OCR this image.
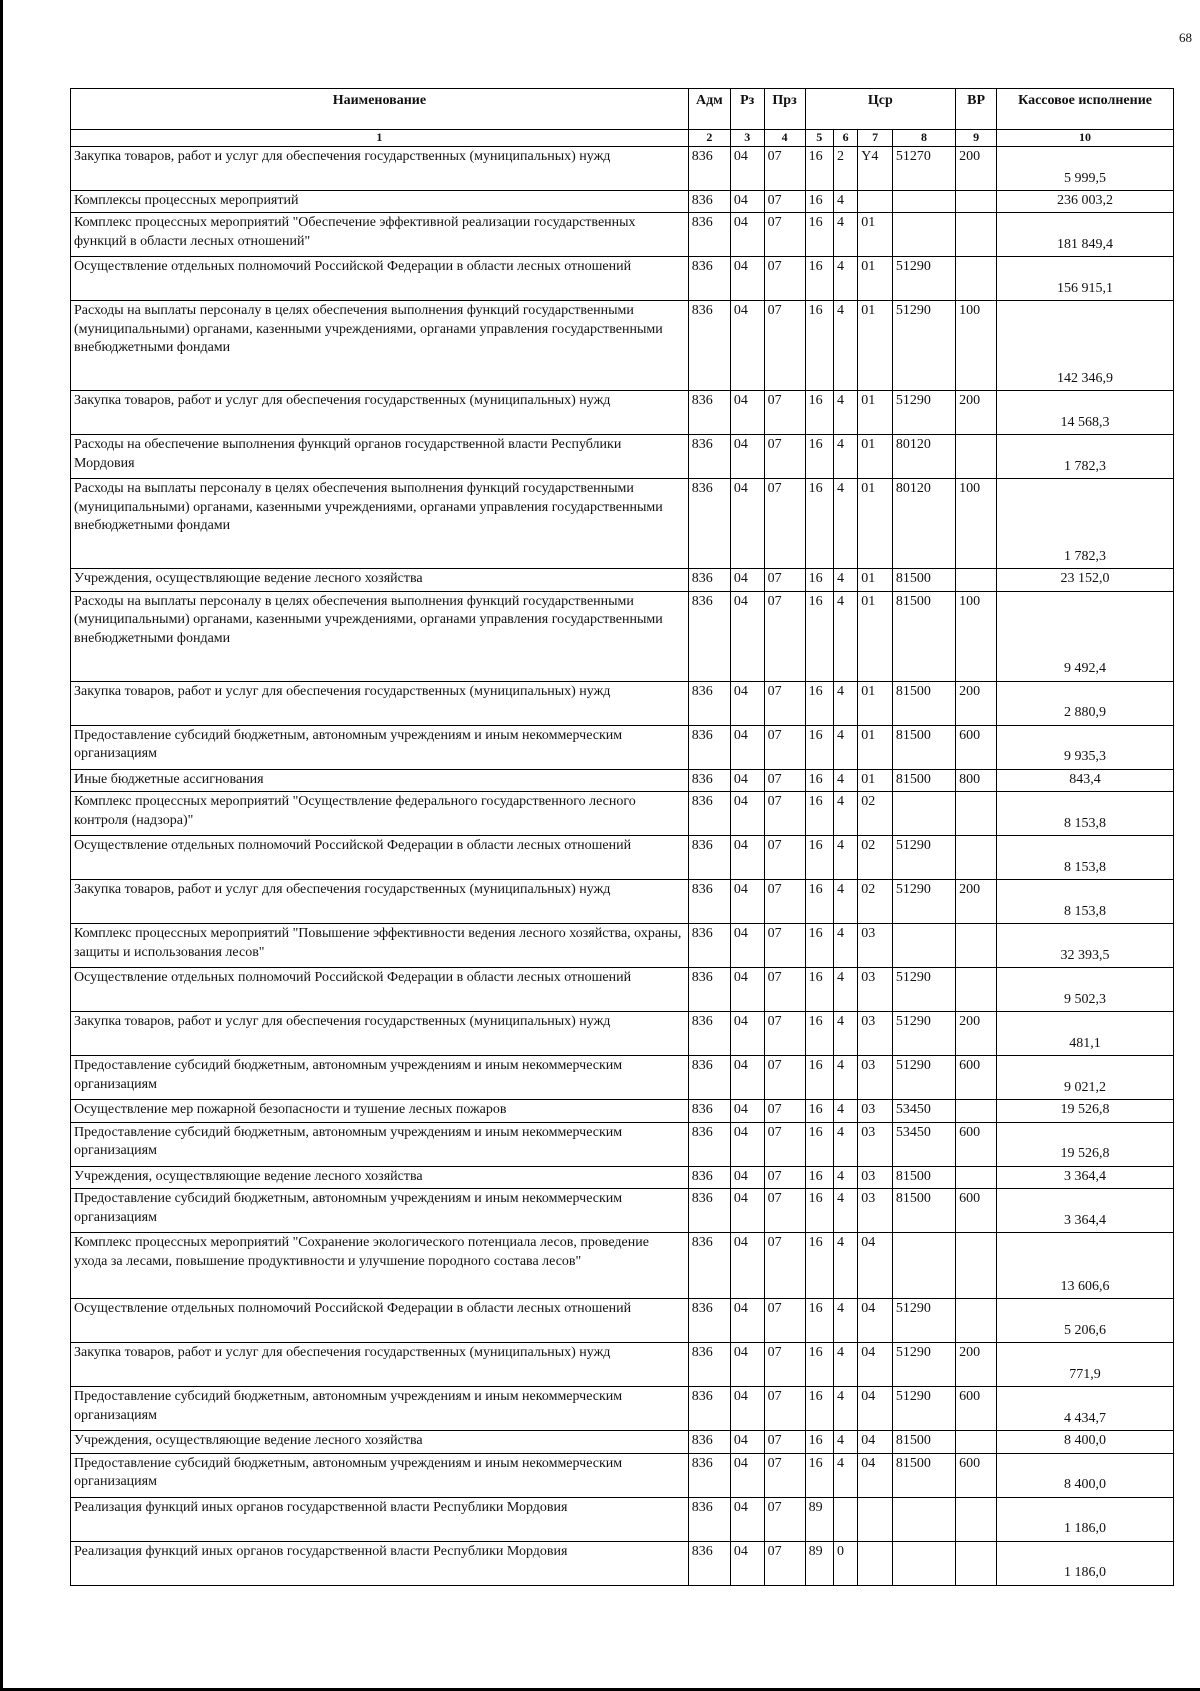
68
Наименование	Адм	Рз	Прз	Цср				ВР	Кассовое исполнение
1	2	3	4	5	6	7	8	9	10
Закупка товаров, работ и услуг для обеспечения государственных (муниципальных) нужд	836	04	07	16	2	Y4	51270	200	5 999,5
Комплексы процессных мероприятий	836	04	07	16	4				236 003,2
Комплекс процессных мероприятий "Обеспечение эффективной реализации государственных функций в области лесных отношений"	836	04	07	16	4	01			181 849,4
Осуществление отдельных полномочий Российской Федерации в области лесных отношений	836	04	07	16	4	01	51290		156 915,1
Расходы на выплаты персоналу в целях обеспечения выполнения функций государственными (муниципальными) органами, казенными учреждениями, органами управления государственными внебюджетными фондами	836	04	07	16	4	01	51290	100	142 346,9
Закупка товаров, работ и услуг для обеспечения государственных (муниципальных) нужд	836	04	07	16	4	01	51290	200	14 568,3
Расходы на обеспечение выполнения функций органов государственной власти Республики Мордовия	836	04	07	16	4	01	80120		1 782,3
Расходы на выплаты персоналу в целях обеспечения выполнения функций государственными (муниципальными) органами, казенными учреждениями, органами управления государственными внебюджетными фондами	836	04	07	16	4	01	80120	100	1 782,3
Учреждения, осуществляющие ведение лесного хозяйства	836	04	07	16	4	01	81500		23 152,0
Расходы на выплаты персоналу в целях обеспечения выполнения функций государственными (муниципальными) органами, казенными учреждениями, органами управления государственными внебюджетными фондами	836	04	07	16	4	01	81500	100	9 492,4
Закупка товаров, работ и услуг для обеспечения государственных (муниципальных) нужд	836	04	07	16	4	01	81500	200	2 880,9
Предоставление субсидий бюджетным, автономным учреждениям и иным некоммерческим организациям	836	04	07	16	4	01	81500	600	9 935,3
Иные бюджетные ассигнования	836	04	07	16	4	01	81500	800	843,4
Комплекс процессных мероприятий "Осуществление федерального государственного лесного контроля (надзора)"	836	04	07	16	4	02			8 153,8
Осуществление отдельных полномочий Российской Федерации в области лесных отношений	836	04	07	16	4	02	51290		8 153,8
Закупка товаров, работ и услуг для обеспечения государственных (муниципальных) нужд	836	04	07	16	4	02	51290	200	8 153,8
Комплекс процессных мероприятий "Повышение эффективности ведения лесного хозяйства, охраны, защиты и использования лесов"	836	04	07	16	4	03			32 393,5
Осуществление отдельных полномочий Российской Федерации в области лесных отношений	836	04	07	16	4	03	51290		9 502,3
Закупка товаров, работ и услуг для обеспечения государственных (муниципальных) нужд	836	04	07	16	4	03	51290	200	481,1
Предоставление субсидий бюджетным, автономным учреждениям и иным некоммерческим организациям	836	04	07	16	4	03	51290	600	9 021,2
Осуществление мер пожарной безопасности и тушение лесных пожаров	836	04	07	16	4	03	53450		19 526,8
Предоставление субсидий бюджетным, автономным учреждениям и иным некоммерческим организациям	836	04	07	16	4	03	53450	600	19 526,8
Учреждения, осуществляющие ведение лесного хозяйства	836	04	07	16	4	03	81500		3 364,4
Предоставление субсидий бюджетным, автономным учреждениям и иным некоммерческим организациям	836	04	07	16	4	03	81500	600	3 364,4
Комплекс процессных мероприятий "Сохранение экологического потенциала лесов, проведение ухода за лесами, повышение продуктивности и улучшение породного состава лесов"	836	04	07	16	4	04			13 606,6
Осуществление отдельных полномочий Российской Федерации в области лесных отношений	836	04	07	16	4	04	51290		5 206,6
Закупка товаров, работ и услуг для обеспечения государственных (муниципальных) нужд	836	04	07	16	4	04	51290	200	771,9
Предоставление субсидий бюджетным, автономным учреждениям и иным некоммерческим организациям	836	04	07	16	4	04	51290	600	4 434,7
Учреждения, осуществляющие ведение лесного хозяйства	836	04	07	16	4	04	81500		8 400,0
Предоставление субсидий бюджетным, автономным учреждениям и иным некоммерческим организациям	836	04	07	16	4	04	81500	600	8 400,0
Реализация функций иных органов государственной власти Республики Мордовия	836	04	07	89					1 186,0
Реализация функций иных органов государственной власти Республики Мордовия	836	04	07	89	0				1 186,0
